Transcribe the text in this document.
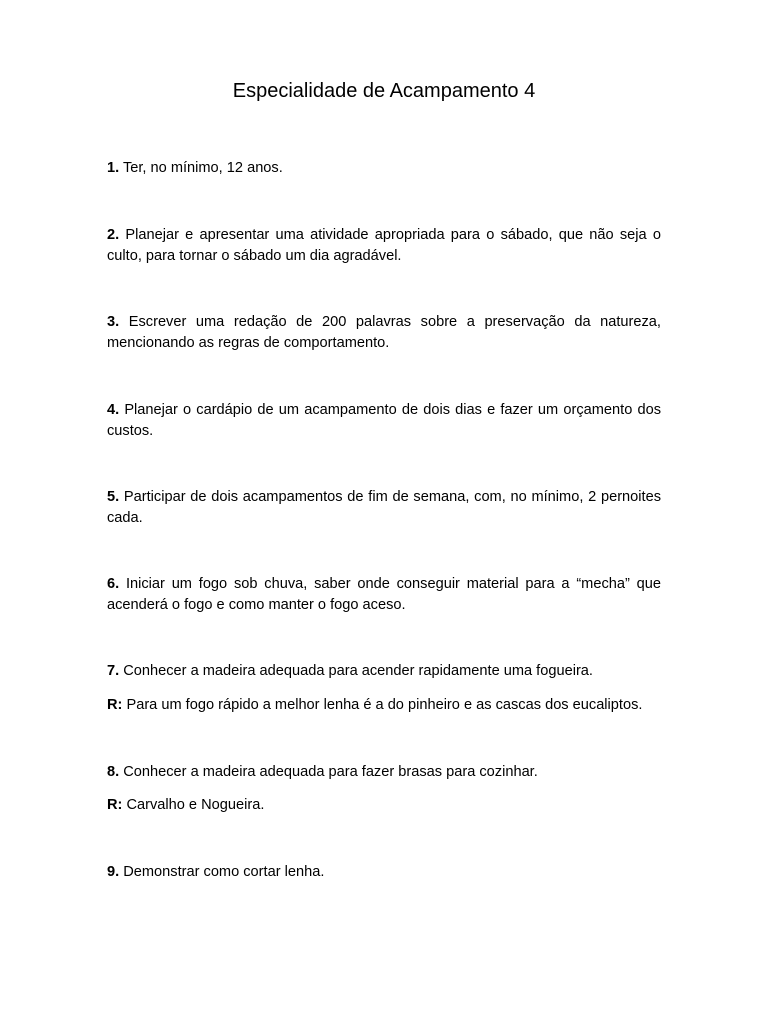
Especialidade de Acampamento 4

1. Ter, no mínimo, 12 anos.

2. Planejar e apresentar uma atividade apropriada para o sábado, que não seja o culto, para tornar o sábado um dia agradável.

3. Escrever uma redação de 200 palavras sobre a preservação da natureza, mencionando as regras de comportamento.

4. Planejar o cardápio de um acampamento de dois dias e fazer um orçamento dos custos.

5. Participar de dois acampamentos de fim de semana, com, no mínimo, 2 pernoites cada.

6. Iniciar um fogo sob chuva, saber onde conseguir material para a “mecha” que acenderá o fogo e como manter o fogo aceso.

7. Conhecer a madeira adequada para acender rapidamente uma fogueira.

R: Para um fogo rápido a melhor lenha é a do pinheiro e as cascas dos eucaliptos.

8. Conhecer a madeira adequada para fazer brasas para cozinhar.

R: Carvalho e Nogueira.

9. Demonstrar como cortar lenha.
